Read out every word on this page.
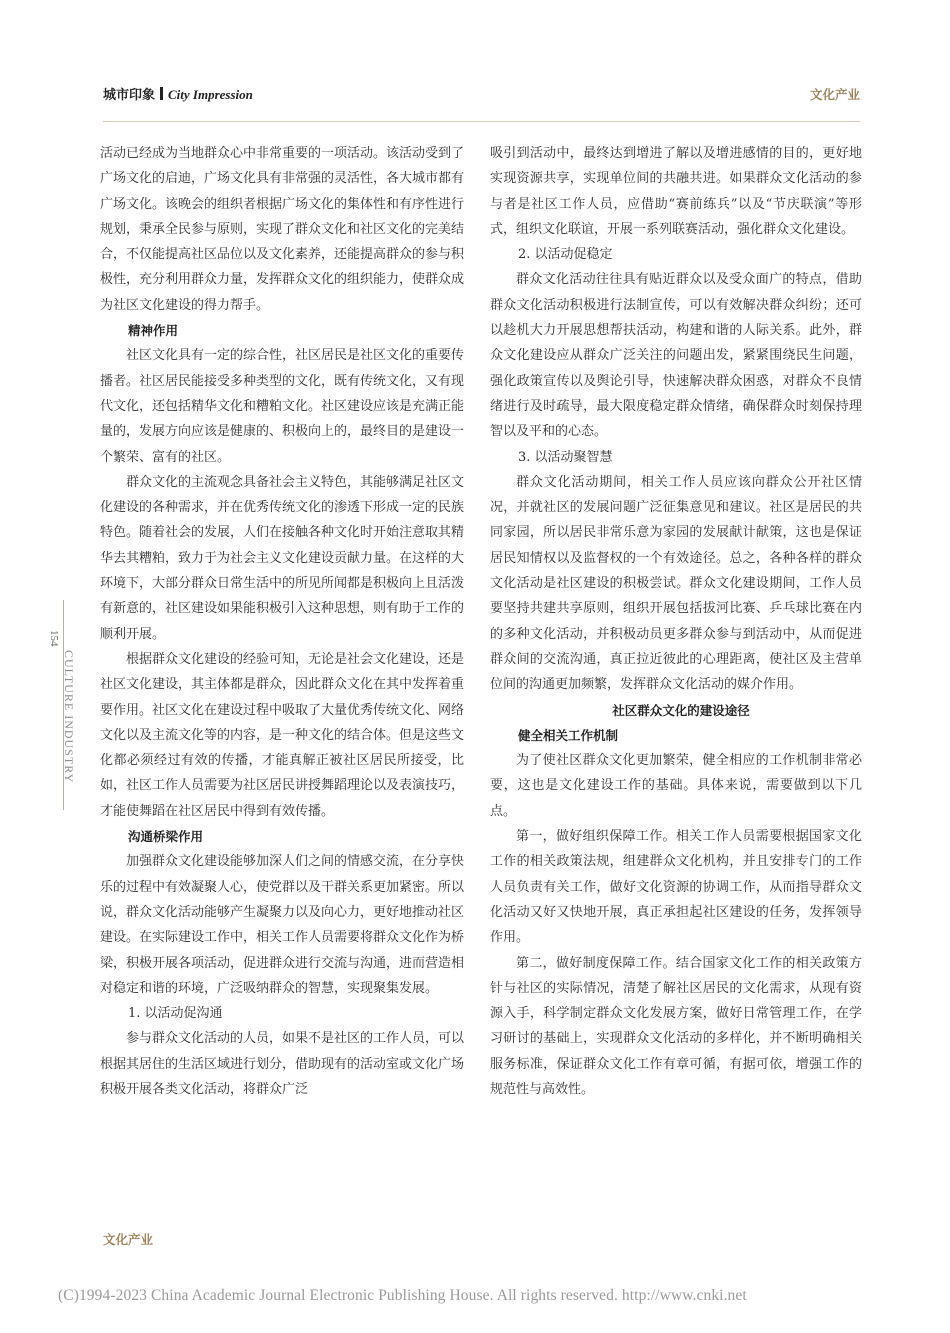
城市印象 City Impression	文化产业
154
CULTURE INDUSTRY

活动已经成为当地群众心中非常重要的一项活动。该活动受到了广场文化的启迪，广场文化具有非常强的灵活性，各大城市都有广场文化。该晚会的组织者根据广场文化的集体性和有序性进行规划，秉承全民参与原则，实现了群众文化和社区文化的完美结合，不仅能提高社区品位以及文化素养，还能提高群众的参与积极性，充分利用群众力量，发挥群众文化的组织能力，使群众成为社区文化建设的得力帮手。

精神作用

社区文化具有一定的综合性，社区居民是社区文化的重要传播者。社区居民能接受多种类型的文化，既有传统文化，又有现代文化，还包括精华文化和糟粕文化。社区建设应该是充满正能量的，发展方向应该是健康的、积极向上的，最终目的是建设一个繁荣、富有的社区。

群众文化的主流观念具备社会主义特色，其能够满足社区文化建设的各种需求，并在优秀传统文化的渗透下形成一定的民族特色。随着社会的发展，人们在接触各种文化时开始注意取其精华去其糟粕，致力于为社会主义文化建设贡献力量。在这样的大环境下，大部分群众日常生活中的所见所闻都是积极向上且活泼有新意的，社区建设如果能积极引入这种思想，则有助于工作的顺利开展。

根据群众文化建设的经验可知，无论是社会文化建设，还是社区文化建设，其主体都是群众，因此群众文化在其中发挥着重要作用。社区文化在建设过程中吸取了大量优秀传统文化、网络文化以及主流文化等的内容，是一种文化的结合体。但是这些文化都必须经过有效的传播，才能真解正被社区居民所接受，比如，社区工作人员需要为社区居民讲授舞蹈理论以及表演技巧，才能使舞蹈在社区居民中得到有效传播。

沟通桥梁作用

加强群众文化建设能够加深人们之间的情感交流，在分享快乐的过程中有效凝聚人心，使党群以及干群关系更加紧密。所以说，群众文化活动能够产生凝聚力以及向心力，更好地推动社区建设。在实际建设工作中，相关工作人员需要将群众文化作为桥梁，积极开展各项活动，促进群众进行交流与沟通，进而营造相对稳定和谐的环境，广泛吸纳群众的智慧，实现聚集发展。

1. 以活动促沟通

参与群众文化活动的人员，如果不是社区的工作人员，可以根据其居住的生活区域进行划分，借助现有的活动室或文化广场积极开展各类文化活动，将群众广泛

吸引到活动中，最终达到增进了解以及增进感情的目的，更好地实现资源共享，实现单位间的共融共进。如果群众文化活动的参与者是社区工作人员，应借助“赛前练兵”以及“节庆联演”等形式，组织文化联谊，开展一系列联赛活动，强化群众文化建设。

2. 以活动促稳定

群众文化活动往往具有贴近群众以及受众面广的特点，借助群众文化活动积极进行法制宣传，可以有效解决群众纠纷；还可以趁机大力开展思想帮扶活动，构建和谐的人际关系。此外，群众文化建设应从群众广泛关注的问题出发，紧紧围绕民生问题，强化政策宣传以及舆论引导，快速解决群众困惑，对群众不良情绪进行及时疏导，最大限度稳定群众情绪，确保群众时刻保持理智以及平和的心态。

3. 以活动聚智慧

群众文化活动期间，相关工作人员应该向群众公开社区情况，并就社区的发展问题广泛征集意见和建议。社区是居民的共同家园，所以居民非常乐意为家园的发展献计献策，这也是保证居民知情权以及监督权的一个有效途径。总之，各种各样的群众文化活动是社区建设的积极尝试。群众文化建设期间，工作人员要坚持共建共享原则，组织开展包括拔河比赛、乒乓球比赛在内的多种文化活动，并积极动员更多群众参与到活动中，从而促进群众间的交流沟通，真正拉近彼此的心理距离，使社区及主营单位间的沟通更加频繁，发挥群众文化活动的媒介作用。

社区群众文化的建设途径

健全相关工作机制

为了使社区群众文化更加繁荣，健全相应的工作机制非常必要，这也是文化建设工作的基础。具体来说，需要做到以下几点。

第一，做好组织保障工作。相关工作人员需要根据国家文化工作的相关政策法规，组建群众文化机构，并且安排专门的工作人员负责有关工作，做好文化资源的协调工作，从而指导群众文化活动又好又快地开展，真正承担起社区建设的任务，发挥领导作用。

第二，做好制度保障工作。结合国家文化工作的相关政策方针与社区的实际情况，清楚了解社区居民的文化需求，从现有资源入手，科学制定群众文化发展方案，做好日常管理工作，在学习研讨的基础上，实现群众文化活动的多样化，并不断明确相关服务标准，保证群众文化工作有章可循，有据可依，增强工作的规范性与高效性。

文化产业
(C)1994-2023 China Academic Journal Electronic Publishing House. All rights reserved. http://www.cnki.net
